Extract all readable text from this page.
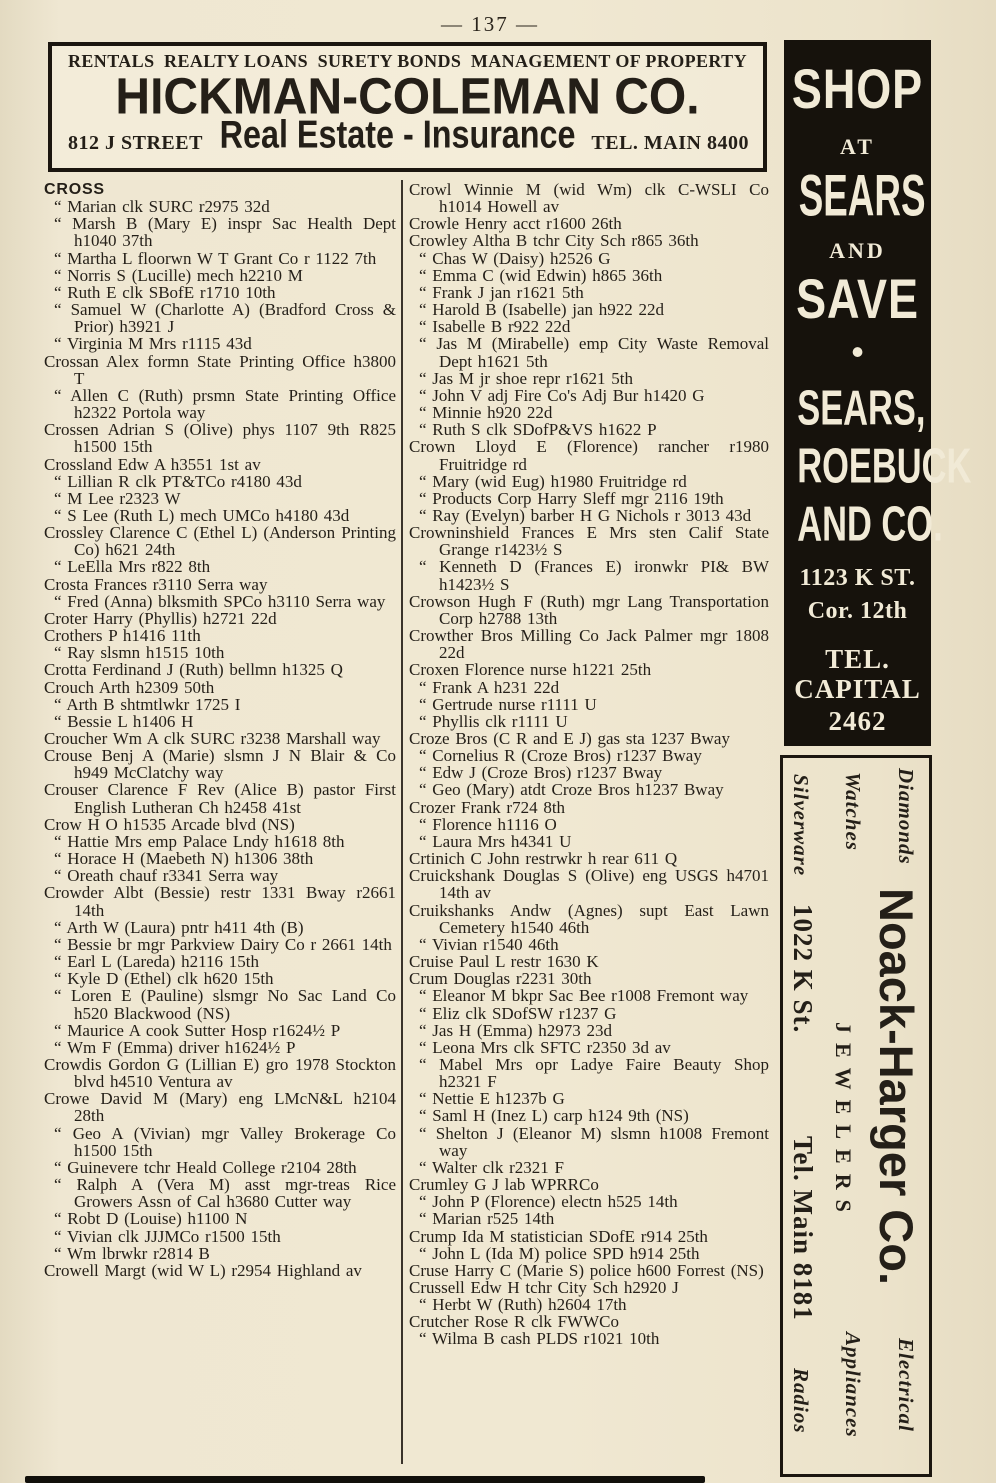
— 137 —
RENTALS REALTY LOANS SURETY BONDS MANAGEMENT OF PROPERTY
HICKMAN-COLEMAN CO.
812 J STREET Real Estate - Insurance TEL. MAIN 8400

CROSS

“ Marian clk SURC r2975 32d

“ Marsh B (Mary E) inspr Sac Health Dept h1040 37th

“ Martha L floorwn W T Grant Co r 1122 7th

“ Norris S (Lucille) mech h2210 M

“ Ruth E clk SBofE r1710 10th

“ Samuel W (Charlotte A) (Bradford Cross & Prior) h3921 J

“ Virginia M Mrs r1115 43d

Crossan Alex formn State Printing Office h3800 T

“ Allen C (Ruth) prsmn State Printing Office h2322 Portola way

Crossen Adrian S (Olive) phys 1107 9th R825 h1500 15th

Crossland Edw A h3551 1st av

“ Lillian R clk PT&TCo r4180 43d

“ M Lee r2323 W

“ S Lee (Ruth L) mech UMCo h4180 43d

Crossley Clarence C (Ethel L) (Anderson Printing Co) h621 24th

“ LeElla Mrs r822 8th

Crosta Frances r3110 Serra way

“ Fred (Anna) blksmith SPCo h3110 Serra way

Croter Harry (Phyllis) h2721 22d

Crothers P h1416 11th

“ Ray slsmn h1515 10th

Crotta Ferdinand J (Ruth) bellmn h1325 Q

Crouch Arth h2309 50th

“ Arth B shtmtlwkr 1725 I

“ Bessie L h1406 H

Croucher Wm A clk SURC r3238 Marshall way

Crouse Benj A (Marie) slsmn J N Blair & Co h949 McClatchy way

Crouser Clarence F Rev (Alice B) pastor First English Lutheran Ch h2458 41st

Crow H O h1535 Arcade blvd (NS)

“ Hattie Mrs emp Palace Lndy h1618 8th

“ Horace H (Maebeth N) h1306 38th

“ Oreath chauf r3341 Serra way

Crowder Albt (Bessie) restr 1331 Bway r2661 14th

“ Arth W (Laura) pntr h411 4th (B)

“ Bessie br mgr Parkview Dairy Co r 2661 14th

“ Earl L (Lareda) h2116 15th

“ Kyle D (Ethel) clk h620 15th

“ Loren E (Pauline) slsmgr No Sac Land Co h520 Blackwood (NS)

“ Maurice A cook Sutter Hosp r1624½ P

“ Wm F (Emma) driver h1624½ P

Crowdis Gordon G (Lillian E) gro 1978 Stockton blvd h4510 Ventura av

Crowe David M (Mary) eng LMcN&L h2104 28th

“ Geo A (Vivian) mgr Valley Brokerage Co h1500 15th

“ Guinevere tchr Heald College r2104 28th

“ Ralph A (Vera M) asst mgr-treas Rice Growers Assn of Cal h3680 Cutter way

“ Robt D (Louise) h1100 N

“ Vivian clk JJJMCo r1500 15th

“ Wm lbrwkr r2814 B

Crowell Margt (wid W L) r2954 Highland av

Crowl Winnie M (wid Wm) clk C-WSLI Co h1014 Howell av

Crowle Henry acct r1600 26th

Crowley Altha B tchr City Sch r865 36th

“ Chas W (Daisy) h2526 G

“ Emma C (wid Edwin) h865 36th

“ Frank J jan r1621 5th

“ Harold B (Isabelle) jan h922 22d

“ Isabelle B r922 22d

“ Jas M (Mirabelle) emp City Waste Removal Dept h1621 5th

“ Jas M jr shoe repr r1621 5th

“ John V adj Fire Co's Adj Bur h1420 G

“ Minnie h920 22d

“ Ruth S clk SDofP&VS h1622 P

Crown Lloyd E (Florence) rancher r1980 Fruitridge rd

“ Mary (wid Eug) h1980 Fruitridge rd

“ Products Corp Harry Sleff mgr 2116 19th

“ Ray (Evelyn) barber H G Nichols r 3013 43d

Crowninshield Frances E Mrs sten Calif State Grange r1423½ S

“ Kenneth D (Frances E) ironwkr PI& BW h1423½ S

Crowson Hugh F (Ruth) mgr Lang Transportation Corp h2788 13th

Crowther Bros Milling Co Jack Palmer mgr 1808 22d

Croxen Florence nurse h1221 25th

“ Frank A h231 22d

“ Gertrude nurse r1111 U

“ Phyllis clk r1111 U

Croze Bros (C R and E J) gas sta 1237 Bway

“ Cornelius R (Croze Bros) r1237 Bway

“ Edw J (Croze Bros) r1237 Bway

“ Geo (Mary) atdt Croze Bros h1237 Bway

Crozer Frank r724 8th

“ Florence h1116 O

“ Laura Mrs h4341 U

Crtinich C John restrwkr h rear 611 Q

Cruickshank Douglas S (Olive) eng USGS h4701 14th av

Cruikshanks Andw (Agnes) supt East Lawn Cemetery h1540 46th

“ Vivian r1540 46th

Cruise Paul L restr 1630 K

Crum Douglas r2231 30th

“ Eleanor M bkpr Sac Bee r1008 Fremont way

“ Eliz clk SDofSW r1237 G

“ Jas H (Emma) h2973 23d

“ Leona Mrs clk SFTC r2350 3d av

“ Mabel Mrs opr Ladye Faire Beauty Shop h2321 F

“ Nettie E h1237b G

“ Saml H (Inez L) carp h124 9th (NS)

“ Shelton J (Eleanor M) slsmn h1008 Fremont way

“ Walter clk r2321 F

Crumley G J lab WPRRCo

“ John P (Florence) electn h525 14th

“ Marian r525 14th

Crump Ida M statistician SDofE r914 25th

“ John L (Ida M) police SPD h914 25th

Cruse Harry C (Marie S) police h600 Forrest (NS)

Crussell Edw H tchr City Sch h2920 J

“ Herbt W (Ruth) h2604 17th

Crutcher Rose R clk FWWCo

“ Wilma B cash PLDS r1021 10th

SHOP
AT
SEARS
AND
SAVE
•
SEARS,
ROEBUCK
AND CO.
1123 K ST.
Cor. 12th
TEL.
CAPITAL
2462
Silverware Watches Diamonds
1022 K St. Noack-Harger Co.
JEWELERS
Tel. Main 8181
Radios Appliances Electrical
